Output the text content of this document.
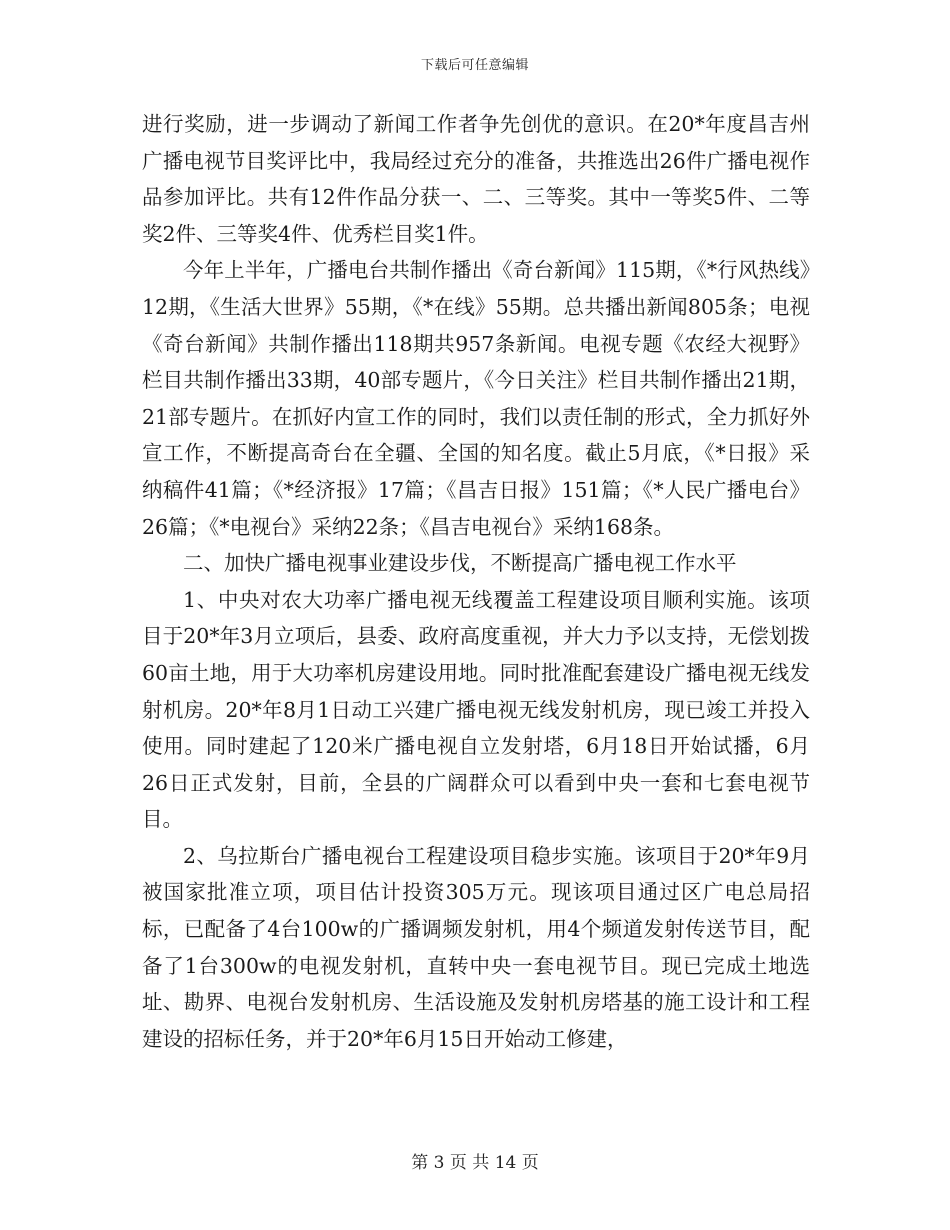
下载后可任意编辑

进行奖励，进一步调动了新闻工作者争先创优的意识。在20*年度昌吉州广播电视节目奖评比中，我局经过充分的准备，共推选出26件广播电视作品参加评比。共有12件作品分获一、二、三等奖。其中一等奖5件、二等奖2件、三等奖4件、优秀栏目奖1件。

今年上半年，广播电台共制作播出《奇台新闻》115期，《*行风热线》12期，《生活大世界》55期，《*在线》55期。总共播出新闻805条；电视《奇台新闻》共制作播出118期共957条新闻。电视专题《农经大视野》栏目共制作播出33期，40部专题片，《今日关注》栏目共制作播出21期，21部专题片。在抓好内宣工作的同时，我们以责任制的形式，全力抓好外宣工作，不断提高奇台在全疆、全国的知名度。截止5月底，《*日报》采纳稿件41篇；《*经济报》17篇；《昌吉日报》151篇；《*人民广播电台》26篇；《*电视台》采纳22条；《昌吉电视台》采纳168条。

二、加快广播电视事业建设步伐，不断提高广播电视工作水平

1、中央对农大功率广播电视无线覆盖工程建设项目顺利实施。该项目于20*年3月立项后，县委、政府高度重视，并大力予以支持，无偿划拨60亩土地，用于大功率机房建设用地。同时批准配套建设广播电视无线发射机房。20*年8月1日动工兴建广播电视无线发射机房，现已竣工并投入使用。同时建起了120米广播电视自立发射塔，6月18日开始试播，6月26日正式发射，目前，全县的广阔群众可以看到中央一套和七套电视节目。

2、乌拉斯台广播电视台工程建设项目稳步实施。该项目于20*年9月被国家批准立项，项目估计投资305万元。现该项目通过区广电总局招标，已配备了4台100w的广播调频发射机，用4个频道发射传送节目，配备了1台300w的电视发射机，直转中央一套电视节目。现已完成土地选址、勘界、电视台发射机房、生活设施及发射机房塔基的施工设计和工程建设的招标任务，并于20*年6月15日开始动工修建，

第 3 页 共 14 页
